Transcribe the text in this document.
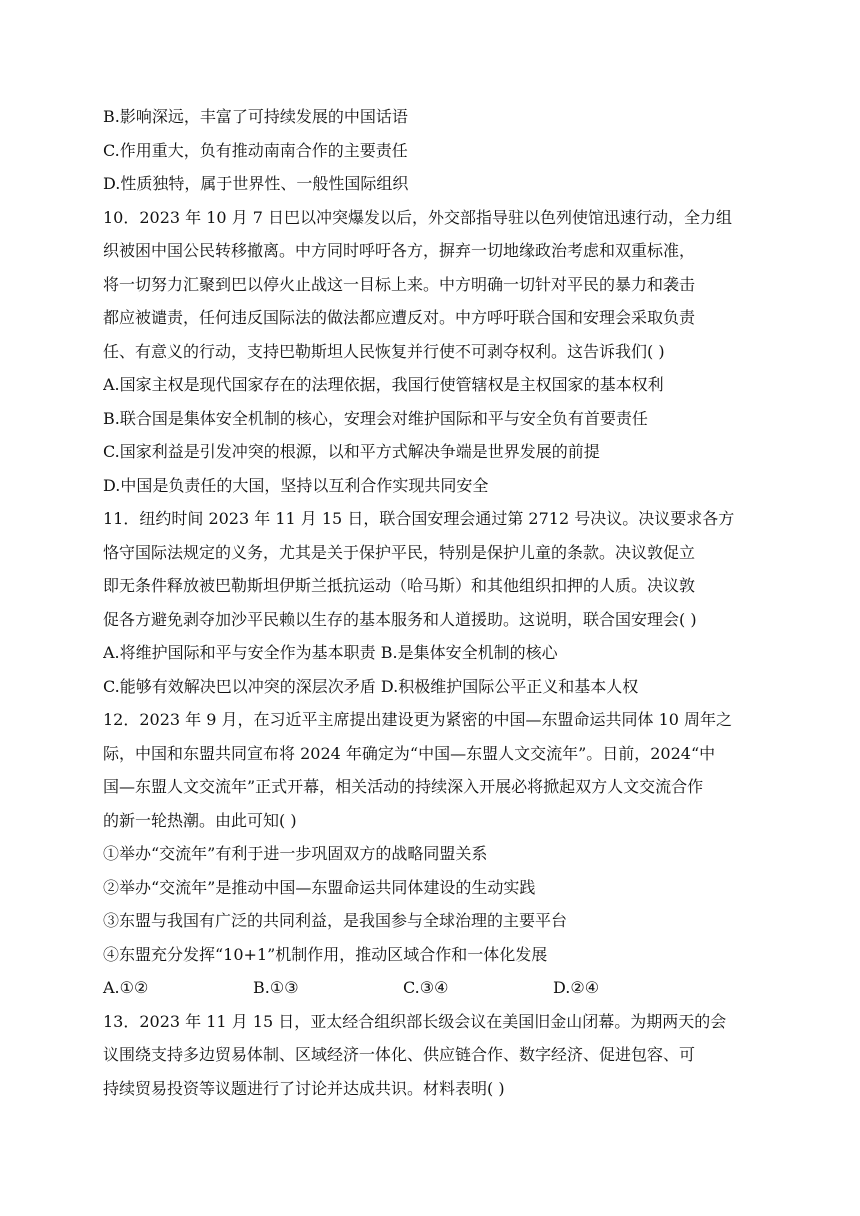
B.影响深远，丰富了可持续发展的中国话语
C.作用重大，负有推动南南合作的主要责任
D.性质独特，属于世界性、一般性国际组织
10．2023 年 10 月 7 日巴以冲突爆发以后，外交部指导驻以色列使馆迅速行动，全力组
织被困中国公民转移撤离。中方同时呼吁各方，摒弃一切地缘政治考虑和双重标准，
将一切努力汇聚到巴以停火止战这一目标上来。中方明确一切针对平民的暴力和袭击
都应被谴责，任何违反国际法的做法都应遭反对。中方呼吁联合国和安理会采取负责
任、有意义的行动，支持巴勒斯坦人民恢复并行使不可剥夺权利。这告诉我们( )
A.国家主权是现代国家存在的法理依据，我国行使管辖权是主权国家的基本权利
B.联合国是集体安全机制的核心，安理会对维护国际和平与安全负有首要责任
C.国家利益是引发冲突的根源，以和平方式解决争端是世界发展的前提
D.中国是负责任的大国，坚持以互利合作实现共同安全
11．纽约时间 2023 年 11 月 15 日，联合国安理会通过第 2712 号决议。决议要求各方
恪守国际法规定的义务，尤其是关于保护平民，特别是保护儿童的条款。决议敦促立
即无条件释放被巴勒斯坦伊斯兰抵抗运动（哈马斯）和其他组织扣押的人质。决议敦
促各方避免剥夺加沙平民赖以生存的基本服务和人道援助。这说明，联合国安理会( )
A.将维护国际和平与安全作为基本职责 B.是集体安全机制的核心
C.能够有效解决巴以冲突的深层次矛盾 D.积极维护国际公平正义和基本人权
12．2023 年 9 月，在习近平主席提出建设更为紧密的中国—东盟命运共同体 10 周年之
际，中国和东盟共同宣布将 2024 年确定为“中国—东盟人文交流年”。日前，2024“中
国—东盟人文交流年”正式开幕，相关活动的持续深入开展必将掀起双方人文交流合作
的新一轮热潮。由此可知( )
①举办“交流年”有利于进一步巩固双方的战略同盟关系
②举办“交流年”是推动中国—东盟命运共同体建设的生动实践
③东盟与我国有广泛的共同利益，是我国参与全球治理的主要平台
④东盟充分发挥“10+1”机制作用，推动区域合作和一体化发展
A.①②	B.①③	C.③④	D.②④
13．2023 年 11 月 15 日，亚太经合组织部长级会议在美国旧金山闭幕。为期两天的会
议围绕支持多边贸易体制、区域经济一体化、供应链合作、数字经济、促进包容、可
持续贸易投资等议题进行了讨论并达成共识。材料表明( )
